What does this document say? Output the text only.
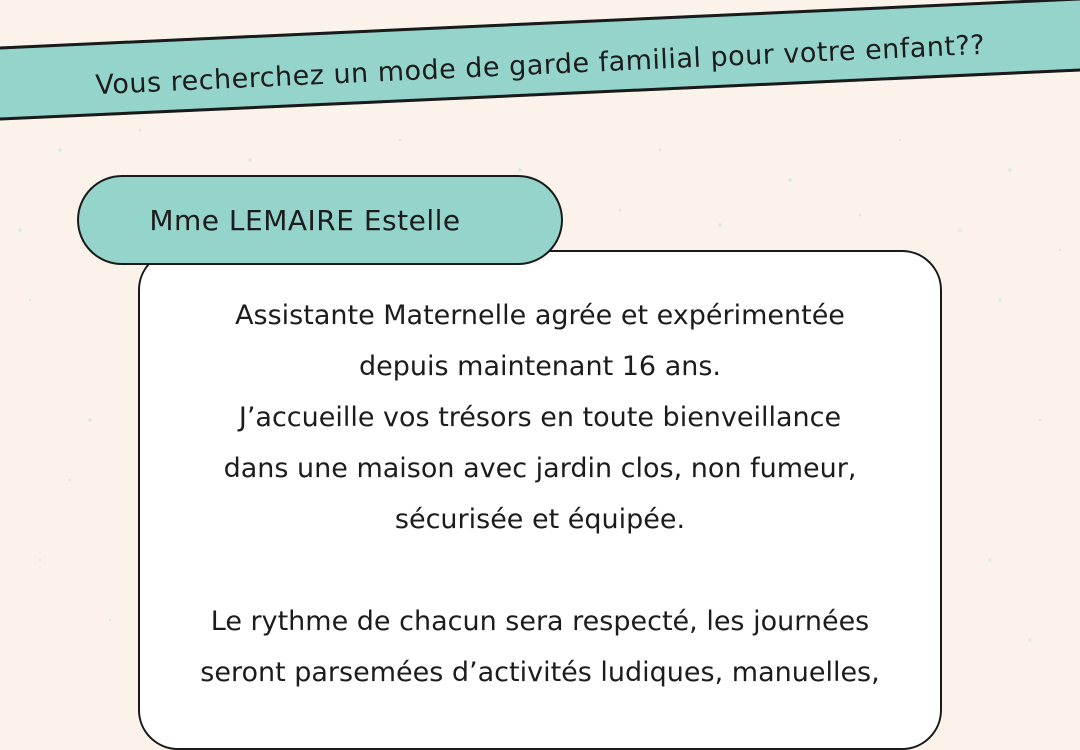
Vous recherchez un mode de garde familial pour votre enfant??

Assistante Maternelle agrée et expérimentée

depuis maintenant 16 ans.

J’accueille vos trésors en toute bienveillance

dans une maison avec jardin clos, non fumeur,

sécurisée et équipée.

Le rythme de chacun sera respecté, les journées

seront parsemées d’activités ludiques, manuelles,

Mme LEMAIRE Estelle
